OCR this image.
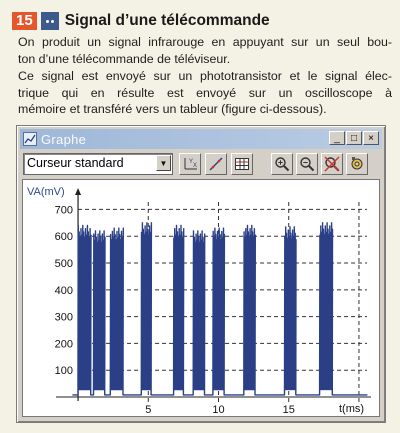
15 Signal d’une télécommande
On produit un signal infrarouge en appuyant sur un seul bou-
ton d’une télécommande de téléviseur.
Ce signal est envoyé sur un phototransistor et le signal élec-
trique qui en résulte est envoyé sur un oscilloscope à
mémoire et transféré vers un tableur (figure ci-dessous).
Graphe	_	□	×
Curseur standard	▼	Y
X
VA(mV)
t(ms)
100
200
300
400
500
600
700
5	10	15
